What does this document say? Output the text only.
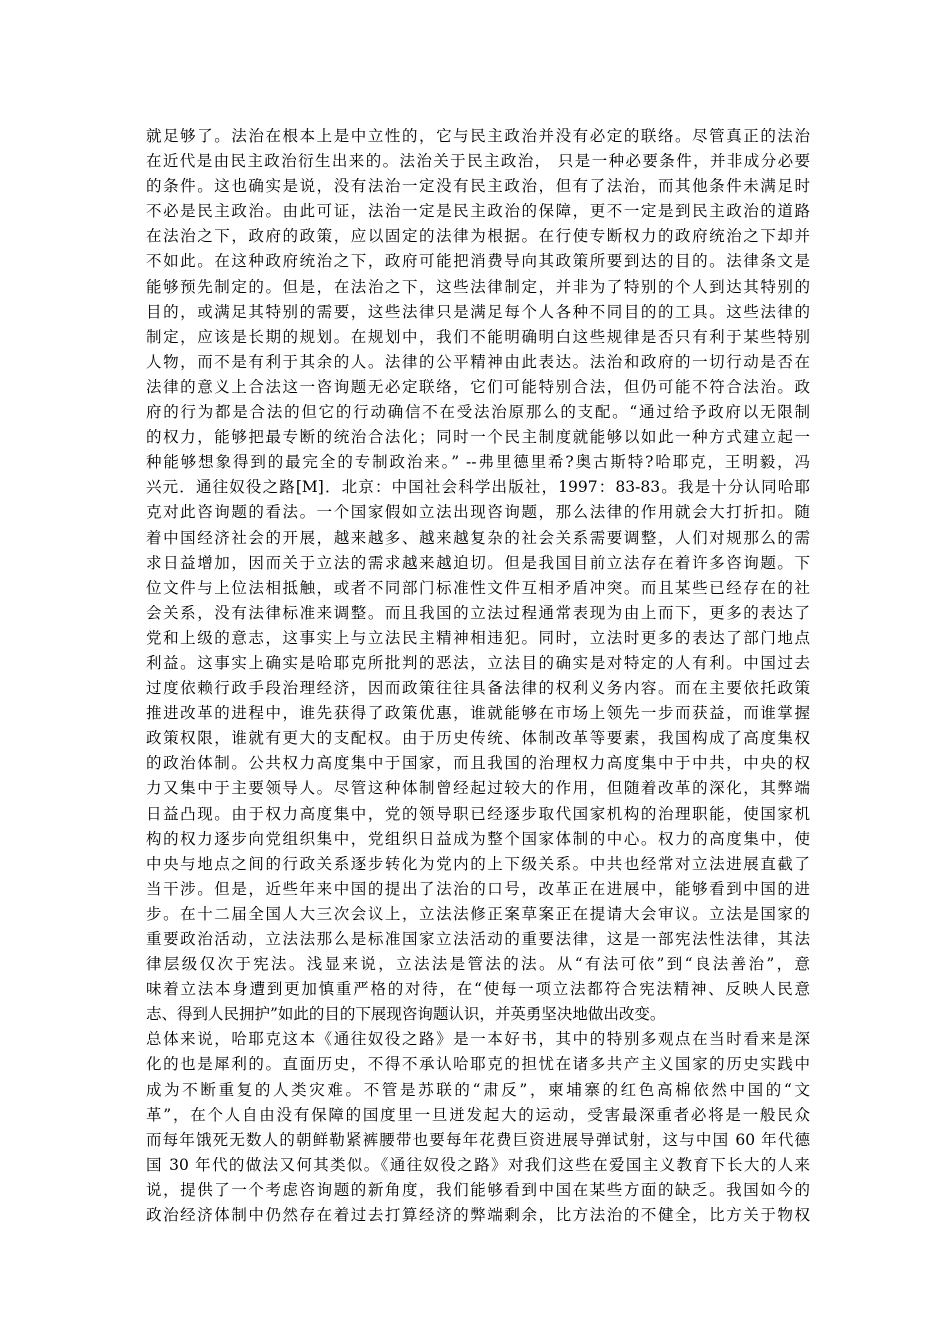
就足够了。法治在根本上是中立性的，它与民主政治并没有必定的联络。尽管真正的法治
在近代是由民主政治衍生出来的。法治关于民主政治， 只是一种必要条件，并非成分必要
的条件。这也确实是说，没有法治一定没有民主政治，但有了法治，而其他条件未满足时
不必是民主政治。由此可证，法治一定是民主政治的保障，更不一定是到民主政治的道路
在法治之下，政府的政策，应以固定的法律为根据。在行使专断权力的政府统治之下却并
不如此。在这种政府统治之下，政府可能把消费导向其政策所要到达的目的。法律条文是
能够预先制定的。但是，在法治之下，这些法律制定，并非为了特别的个人到达其特别的
目的，或满足其特别的需要，这些法律只是满足每个人各种不同目的的工具。这些法律的
制定，应该是长期的规划。在规划中，我们不能明确明白这些规律是否只有利于某些特别
人物，而不是有利于其余的人。法律的公平精神由此表达。法治和政府的一切行动是否在
法律的意义上合法这一咨询题无必定联络，它们可能特别合法，但仍可能不符合法治。政
府的行为都是合法的但它的行动确信不在受法治原那么的支配。“通过给予政府以无限制
的权力，能够把最专断的统治合法化；同时一个民主制度就能够以如此一种方式建立起一
种能够想象得到的最完全的专制政治来。” --弗里德里希?奥古斯特?哈耶克，王明毅，冯
兴元．通往奴役之路[M]．北京：中国社会科学出版社，1997：83-83。我是十分认同哈耶
克对此咨询题的看法。一个国家假如立法出现咨询题，那么法律的作用就会大打折扣。随
着中国经济社会的开展，越来越多、越来越复杂的社会关系需要调整，人们对规那么的需
求日益增加，因而关于立法的需求越来越迫切。但是我国目前立法存在着许多咨询题。下
位文件与上位法相抵触，或者不同部门标准性文件互相矛盾冲突。而且某些已经存在的社
会关系，没有法律标准来调整。而且我国的立法过程通常表现为由上而下，更多的表达了
党和上级的意志，这事实上与立法民主精神相违犯。同时，立法时更多的表达了部门地点
利益。这事实上确实是哈耶克所批判的恶法，立法目的确实是对特定的人有利。中国过去
过度依赖行政手段治理经济，因而政策往往具备法律的权利义务内容。而在主要依托政策
推进改革的进程中，谁先获得了政策优惠，谁就能够在市场上领先一步而获益，而谁掌握
政策权限，谁就有更大的支配权。由于历史传统、体制改革等要素，我国构成了高度集权
的政治体制。公共权力高度集中于国家，而且我国的治理权力高度集中于中共，中央的权
力又集中于主要领导人。尽管这种体制曾经起过较大的作用，但随着改革的深化，其弊端
日益凸现。由于权力高度集中，党的领导职已经逐步取代国家机构的治理职能，使国家机
构的权力逐步向党组织集中，党组织日益成为整个国家体制的中心。权力的高度集中，使
中央与地点之间的行政关系逐步转化为党内的上下级关系。中共也经常对立法进展直截了
当干涉。但是，近些年来中国的提出了法治的口号，改革正在进展中，能够看到中国的进
步。在十二届全国人大三次会议上，立法法修正案草案正在提请大会审议。立法是国家的
重要政治活动，立法法那么是标准国家立法活动的重要法律，这是一部宪法性法律，其法
律层级仅次于宪法。浅显来说，立法法是管法的法。从“有法可依”到“良法善治”，意
味着立法本身遭到更加慎重严格的对待，在“使每一项立法都符合宪法精神、反映人民意
志、得到人民拥护”如此的目的下展现咨询题认识，并英勇坚决地做出改变。
总体来说，哈耶克这本《通往奴役之路》是一本好书，其中的特别多观点在当时看来是深
化的也是犀利的。直面历史，不得不承认哈耶克的担忧在诸多共产主义国家的历史实践中
成为不断重复的人类灾难。不管是苏联的“肃反”，柬埔寨的红色高棉依然中国的“文
革”，在个人自由没有保障的国度里一旦迸发起大的运动，受害最深重者必将是一般民众
而每年饿死无数人的朝鲜勒紧裤腰带也要每年花费巨资进展导弹试射，这与中国 60 年代德
国 30 年代的做法又何其类似。《通往奴役之路》对我们这些在爱国主义教育下长大的人来
说，提供了一个考虑咨询题的新角度，我们能够看到中国在某些方面的缺乏。我国如今的
政治经济体制中仍然存在着过去打算经济的弊端剩余，比方法治的不健全，比方关于物权
